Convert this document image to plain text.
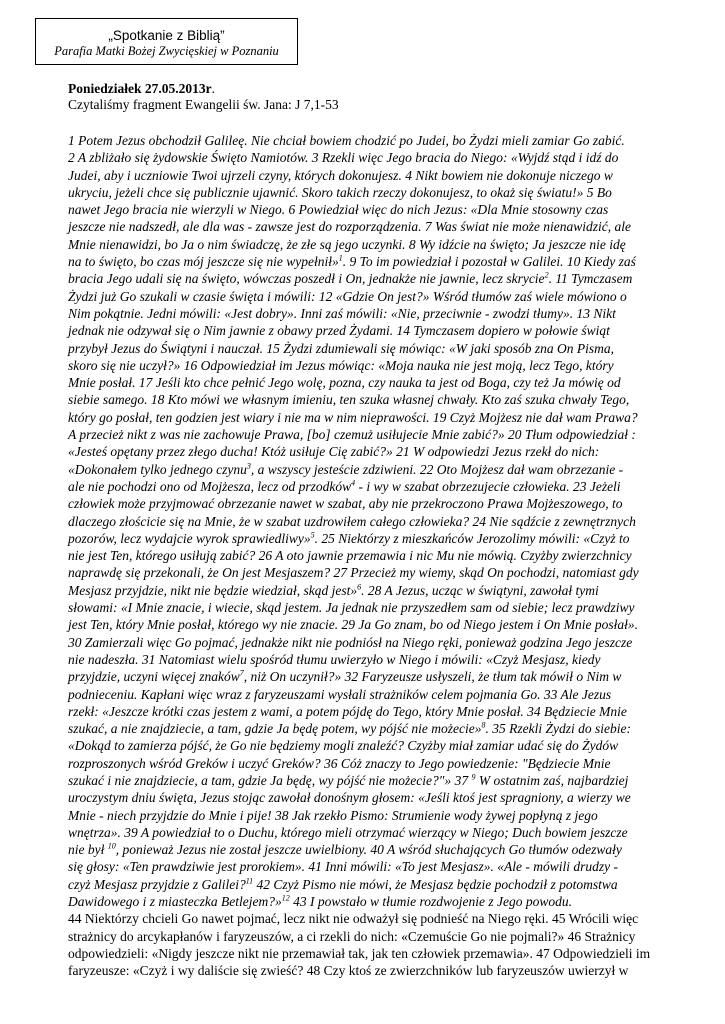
„Spotkanie z Biblią”
Parafia Matki Bożej Zwycięskiej w Poznaniu
Poniedziałek 27.05.2013r.
Czytaliśmy fragment Ewangelii św. Jana: J 7,1-53
1 Potem Jezus obchodził Galileę. Nie chciał bowiem chodzić po Judei, bo Żydzi mieli zamiar Go zabić.
2 A zbliżało się żydowskie Święto Namiotów. 3 Rzekli więc Jego bracia do Niego: «Wyjdź stąd i idź do
Judei, aby i uczniowie Twoi ujrzeli czyny, których dokonujesz. 4 Nikt bowiem nie dokonuje niczego w
ukryciu, jeżeli chce się publicznie ujawnić. Skoro takich rzeczy dokonujesz, to okaż się światu!» 5 Bo
nawet Jego bracia nie wierzyli w Niego. 6 Powiedział więc do nich Jezus: «Dla Mnie stosowny czas
jeszcze nie nadszedł, ale dla was - zawsze jest do rozporządzenia. 7 Was świat nie może nienawidzić, ale
Mnie nienawidzi, bo Ja o nim świadczę, że złe są jego uczynki. 8 Wy idźcie na święto; Ja jeszcze nie idę
na to święto, bo czas mój jeszcze się nie wypełnił»$^1$. 9 To im powiedział i pozostał w Galilei. 10 Kiedy zaś
bracia Jego udali się na święto, wówczas poszedł i On, jednakże nie jawnie, lecz skrycie$^2$. 11 Tymczasem
Żydzi już Go szukali w czasie święta i mówili: 12 «Gdzie On jest?» Wśród tłumów zaś wiele mówiono o
Nim pokątnie. Jedni mówili: «Jest dobry». Inni zaś mówili: «Nie, przeciwnie - zwodzi tłumy». 13 Nikt
jednak nie odzywał się o Nim jawnie z obawy przed Żydami. 14 Tymczasem dopiero w połowie świąt
przybył Jezus do Świątyni i nauczał. 15 Żydzi zdumiewali się mówiąc: «W jaki sposób zna On Pisma,
skoro się nie uczył?» 16 Odpowiedział im Jezus mówiąc: «Moja nauka nie jest moją, lecz Tego, który
Mnie posłał. 17 Jeśli kto chce pełnić Jego wolę, pozna, czy nauka ta jest od Boga, czy też Ja mówię od
siebie samego. 18 Kto mówi we własnym imieniu, ten szuka własnej chwały. Kto zaś szuka chwały Tego,
który go posłał, ten godzien jest wiary i nie ma w nim nieprawości. 19 Czyż Mojżesz nie dał wam Prawa?
A przecież nikt z was nie zachowuje Prawa, [bo] czemuż usiłujecie Mnie zabić?» 20 Tłum odpowiedział :
«Jesteś opętany przez złego ducha! Któż usiłuje Cię zabić?» 21 W odpowiedzi Jezus rzekł do nich:
«Dokonałem tylko jednego czynu$^3$, a wszyscy jesteście zdziwieni. 22 Oto Mojżesz dał wam obrzezanie -
ale nie pochodzi ono od Mojżesza, lecz od przodków$^4$ - i wy w szabat obrzezujecie człowieka. 23 Jeżeli
człowiek może przyjmować obrzezanie nawet w szabat, aby nie przekroczono Prawa Mojżeszowego, to
dlaczego złościcie się na Mnie, że w szabat uzdrowiłem całego człowieka? 24 Nie sądźcie z zewnętrznych
pozorów, lecz wydajcie wyrok sprawiedliwy»$^5$. 25 Niektórzy z mieszkańców Jerozolimy mówili: «Czyż to
nie jest Ten, którego usiłują zabić? 26 A oto jawnie przemawia i nic Mu nie mówią. Czyżby zwierzchnicy
naprawdę się przekonali, że On jest Mesjaszem? 27 Przecież my wiemy, skąd On pochodzi, natomiast gdy
Mesjasz przyjdzie, nikt nie będzie wiedział, skąd jest»$^6$. 28 A Jezus, ucząc w świątyni, zawołał tymi
słowami: «I Mnie znacie, i wiecie, skąd jestem. Ja jednak nie przyszedłem sam od siebie; lecz prawdziwy
jest Ten, który Mnie posłał, którego wy nie znacie. 29 Ja Go znam, bo od Niego jestem i On Mnie posłał».
30 Zamierzali więc Go pojmać, jednakże nikt nie podniósł na Niego ręki, ponieważ godzina Jego jeszcze
nie nadeszła. 31 Natomiast wielu spośród tłumu uwierzyło w Niego i mówili: «Czyż Mesjasz, kiedy
przyjdzie, uczyni więcej znaków$^7$, niż On uczynił?» 32 Faryzeusze usłyszeli, że tłum tak mówił o Nim w
podnieceniu. Kapłani więc wraz z faryzeuszami wysłali strażników celem pojmania Go. 33 Ale Jezus
rzekł: «Jeszcze krótki czas jestem z wami, a potem pójdę do Tego, który Mnie posłał. 34 Będziecie Mnie
szukać, a nie znajdziecie, a tam, gdzie Ja będę potem, wy pójść nie możecie»$^8$. 35 Rzekli Żydzi do siebie:
«Dokąd to zamierza pójść, że Go nie będziemy mogli znaleźć? Czyżby miał zamiar udać się do Żydów
rozproszonych wśród Greków i uczyć Greków? 36 Cóż znaczy to Jego powiedzenie: "Będziecie Mnie
szukać i nie znajdziecie, a tam, gdzie Ja będę, wy pójść nie możecie?"» 37 $^9$ W ostatnim zaś, najbardziej
uroczystym dniu święta, Jezus stojąc zawołał donośnym głosem: «Jeśli ktoś jest spragniony, a wierzy we
Mnie - niech przyjdzie do Mnie i pije! 38 Jak rzekło Pismo: Strumienie wody żywej popłyną z jego
wnętrza». 39 A powiedział to o Duchu, którego mieli otrzymać wierzący w Niego; Duch bowiem jeszcze
nie był $^{10}$, ponieważ Jezus nie został jeszcze uwielbiony. 40 A wśród słuchających Go tłumów odezwały
się głosy: «Ten prawdziwie jest prorokiem». 41 Inni mówili: «To jest Mesjasz». «Ale - mówili drudzy -
czyż Mesjasz przyjdzie z Galilei?$^{11}$ 42 Czyż Pismo nie mówi, że Mesjasz będzie pochodził z potomstwa
Dawidowego i z miasteczka Betlejem?»$^{12}$ 43 I powstało w tłumie rozdwojenie z Jego powodu.
44 Niektórzy chcieli Go nawet pojmać, lecz nikt nie odważył się podnieść na Niego ręki. 45 Wrócili więc
strażnicy do arcykapłanów i faryzeuszów, a ci rzekli do nich: «Czemuście Go nie pojmali?» 46 Strażnicy
odpowiedzieli: «Nigdy jeszcze nikt nie przemawiał tak, jak ten człowiek przemawia». 47 Odpowiedzieli im
faryzeusze: «Czyż i wy daliście się zwieść? 48 Czy ktoś ze zwierzchników lub faryzeuszów uwierzył w
